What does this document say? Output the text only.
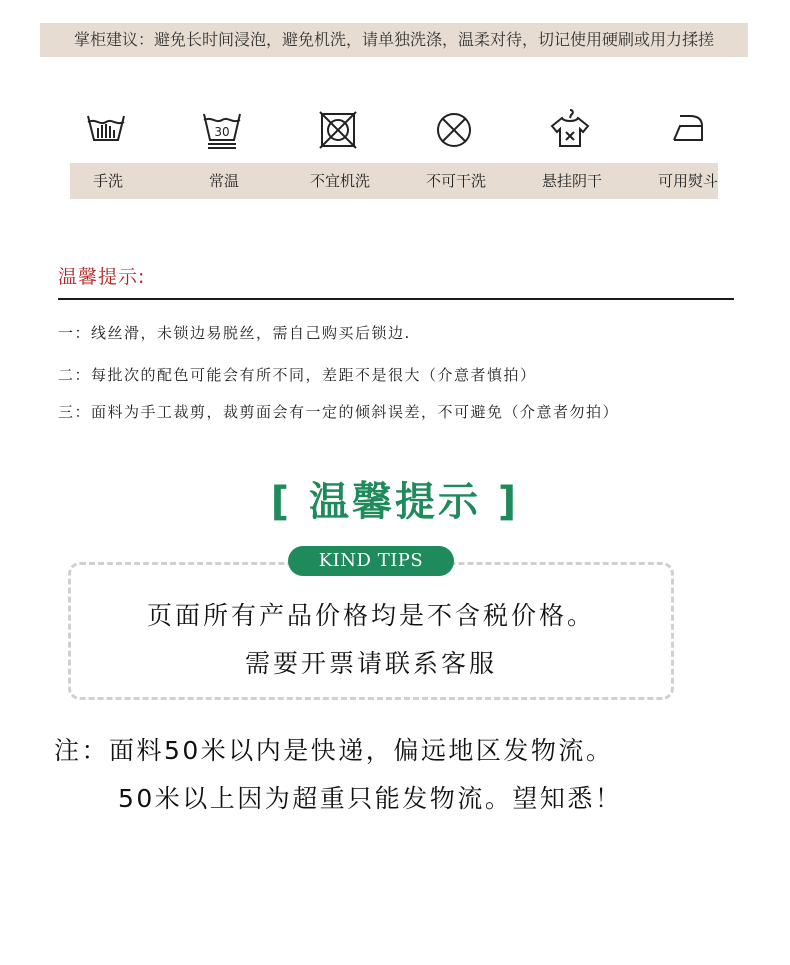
掌柜建议：避免长时间浸泡，避免机洗，请单独洗涤，温柔对待，切记使用硬刷或用力揉搓
30
手洗	常温	不宜机洗	不可干洗	悬挂阴干	可用熨斗
温馨提示:
一：线丝滑，未锁边易脱丝，需自己购买后锁边.
二：每批次的配色可能会有所不同，差距不是很大（介意者慎拍）
三：面料为手工裁剪，裁剪面会有一定的倾斜误差，不可避免（介意者勿拍）
[ 温馨提示 ]
KIND TIPS
页面所有产品价格均是不含税价格。
需要开票请联系客服
注：面料50米以内是快递，偏远地区发物流。
50米以上因为超重只能发物流。望知悉！
